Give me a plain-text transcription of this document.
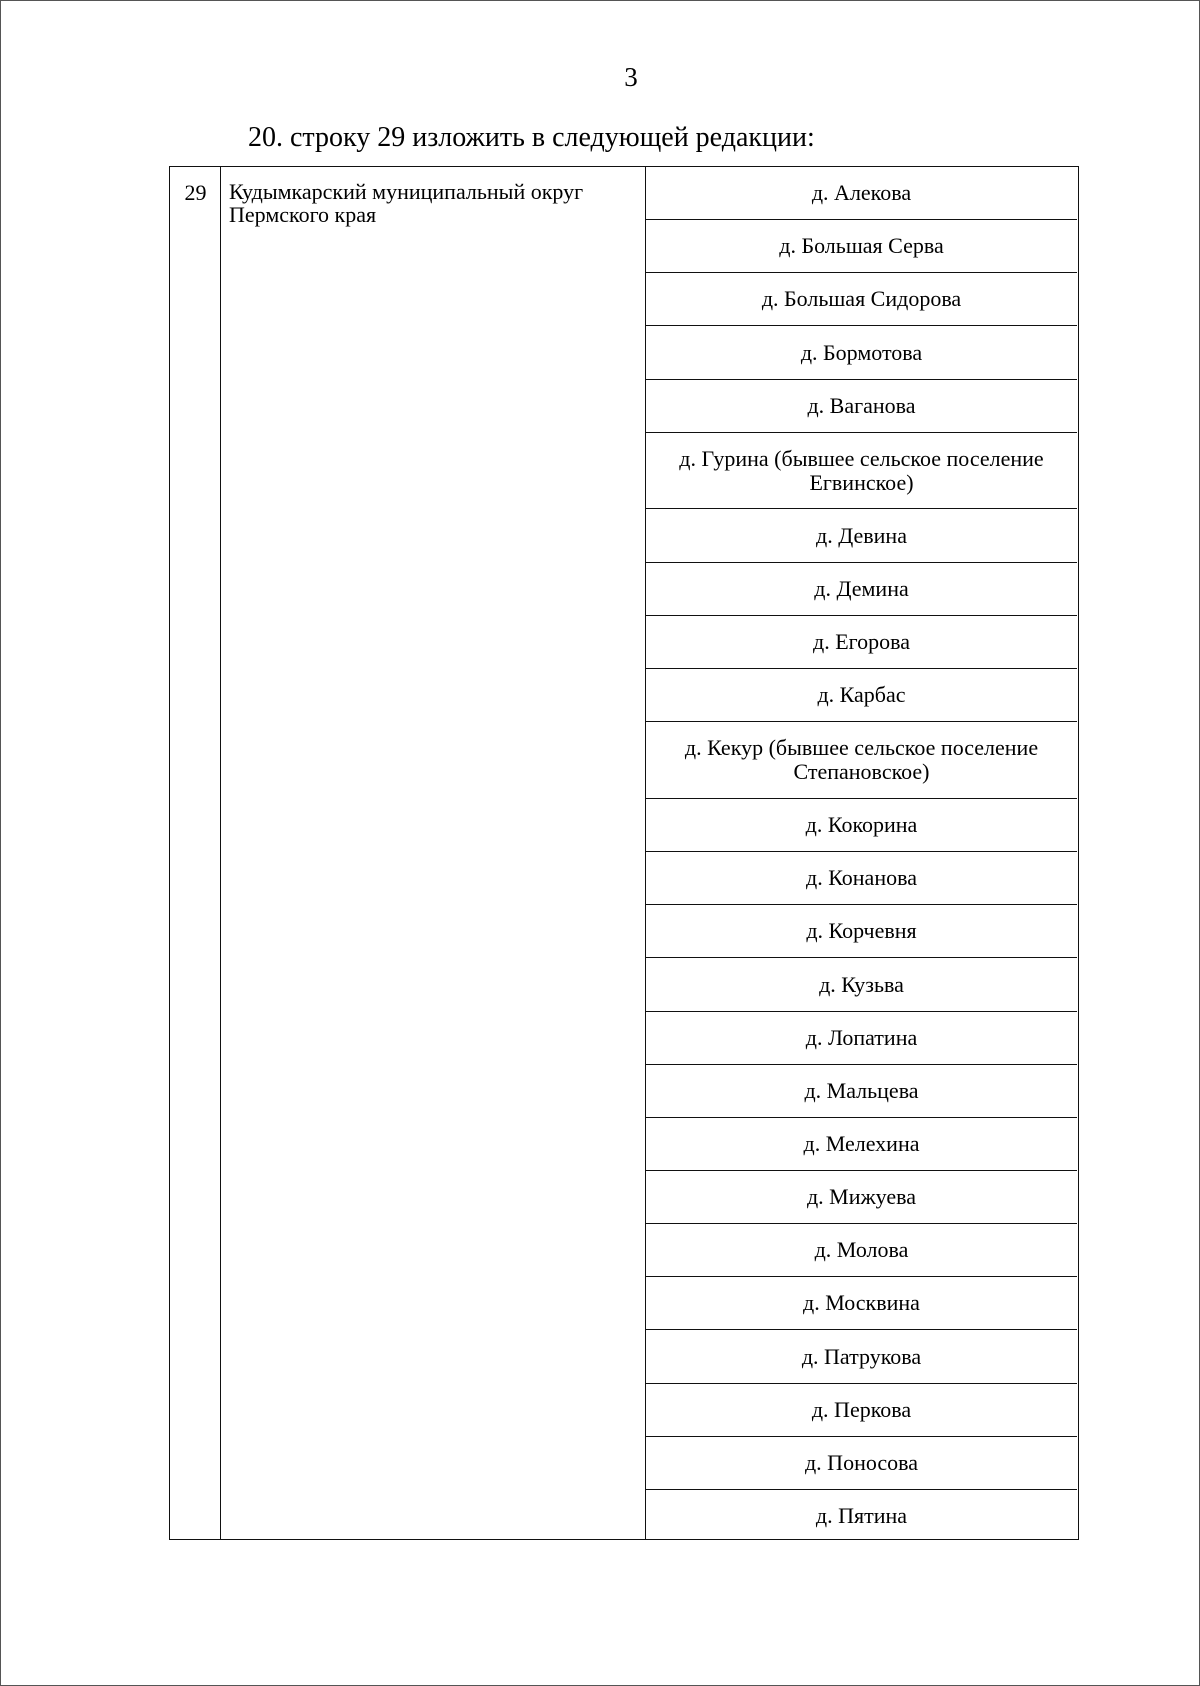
3
20. строку 29 изложить в следующей редакции:
29	Кудымкарский муниципальный округ Пермского края
д. Алекова
д. Большая Серва
д. Большая Сидорова
д. Бормотова
д. Ваганова
д. Гурина (бывшее сельское поселение Егвинское)
д. Девина
д. Демина
д. Егорова
д. Карбас
д. Кекур (бывшее сельское поселение Степановское)
д. Кокорина
д. Конанова
д. Корчевня
д. Кузьва
д. Лопатина
д. Мальцева
д. Мелехина
д. Мижуева
д. Молова
д. Москвина
д. Патрукова
д. Перкова
д. Поносова
д. Пятина
